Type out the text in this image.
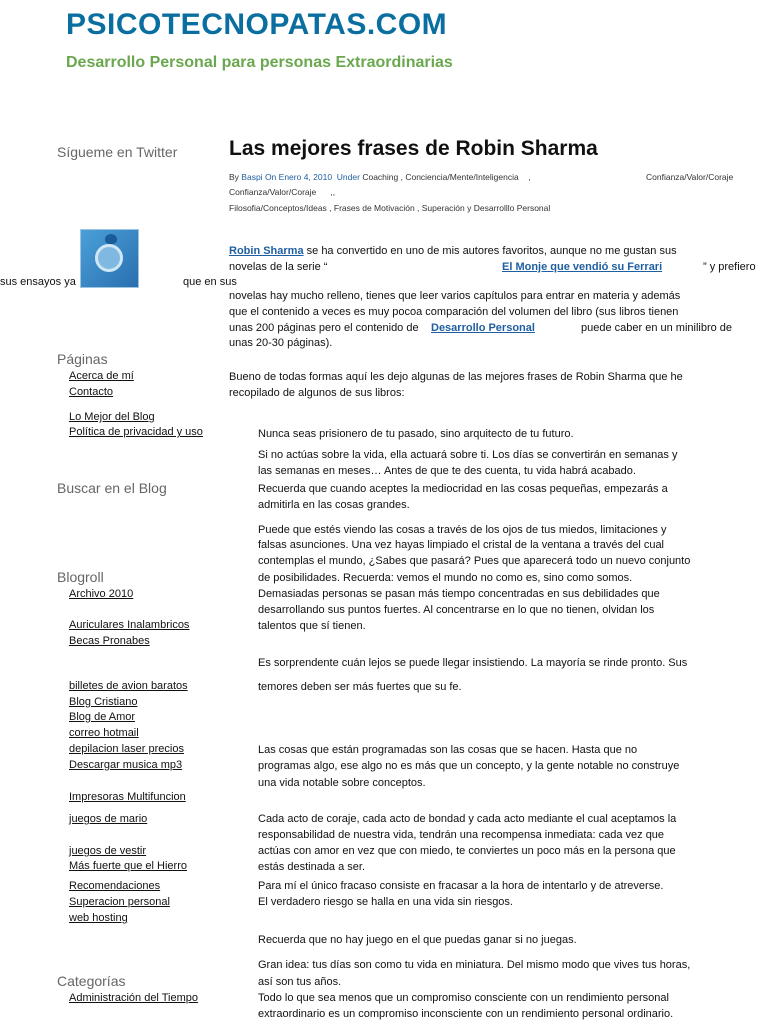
PSICOTECNOPATAS.COM
Desarrollo Personal para personas Extraordinarias
Sígueme en Twitter
Páginas
Acerca de mí
Contacto
Lo Mejor del Blog
Política de privacidad y uso
Buscar en el Blog
Blogroll
Archivo 2010
Auriculares Inalambricos
Becas Pronabes
billetes de avion baratos
Blog Cristiano
Blog de Amor
correo hotmail
depilacion laser precios
Descargar musica mp3
Impresoras Multifuncion
juegos de mario
juegos de vestir
Más fuerte que el Hierro
Recomendaciones
Superacion personal
web hosting
Categorías
Administración del Tiempo
Las mejores frases de Robin Sharma
By Baspi On Enero 4, 2010 Under Coaching , Conciencia/Mente/Inteligencia ,	Confianza/Valor/Coraje
Confianza/Valor/Coraje ,,
Filosofia/Conceptos/Ideas , Frases de Motivación , Superación y Desarrolllo Personal
Robin Sharma se ha convertido en uno de mis autores favoritos, aunque no me gustan sus
novelas de la serie “	El Monje que vendió su Ferrari	” y prefiero
sus ensayos ya	que en sus
novelas hay mucho relleno, tienes que leer varios capítulos para entrar en materia y además
que el contenido a veces es muy pocoa comparación del volumen del libro (sus libros tienen
unas 200 páginas pero el contenido de Desarrollo Personal	puede caber en un minilibro de
unas 20-30 páginas).
Bueno de todas formas aquí les dejo algunas de las mejores frases de Robin Sharma que he
recopilado de algunos de sus libros:
Nunca seas prisionero de tu pasado, sino arquitecto de tu futuro.
Si no actúas sobre la vida, ella actuará sobre ti. Los días se convertirán en semanas y
las semanas en meses… Antes de que te des cuenta, tu vida habrá acabado.
Recuerda que cuando aceptes la mediocridad en las cosas pequeñas, empezarás a
admitirla en las cosas grandes.
Puede que estés viendo las cosas a través de los ojos de tus miedos, limitaciones y
falsas asunciones. Una vez hayas limpiado el cristal de la ventana a través del cual
contemplas el mundo, ¿Sabes que pasará? Pues que aparecerá todo un nuevo conjunto
de posibilidades. Recuerda: vemos el mundo no como es, sino como somos.
Demasiadas personas se pasan más tiempo concentradas en sus debilidades que
desarrollando sus puntos fuertes. Al concentrarse en lo que no tienen, olvidan los
talentos que sí tienen.
Es sorprendente cuán lejos se puede llegar insistiendo. La mayoría se rinde pronto. Sus
temores deben ser más fuertes que su fe.
Las cosas que están programadas son las cosas que se hacen. Hasta que no
programas algo, ese algo no es más que un concepto, y la gente notable no construye
una vida notable sobre conceptos.
Cada acto de coraje, cada acto de bondad y cada acto mediante el cual aceptamos la
responsabilidad de nuestra vida, tendrán una recompensa inmediata: cada vez que
actúas con amor en vez que con miedo, te conviertes un poco más en la persona que
estás destinada a ser.
Para mí el único fracaso consiste en fracasar a la hora de intentarlo y de atreverse.
El verdadero riesgo se halla en una vida sin riesgos.
Recuerda que no hay juego en el que puedas ganar si no juegas.
Gran idea: tus días son como tu vida en miniatura. Del mismo modo que vives tus horas,
así son tus años.
Todo lo que sea menos que un compromiso consciente con un rendimiento personal
extraordinario es un compromiso inconsciente con un rendimiento personal ordinario.
